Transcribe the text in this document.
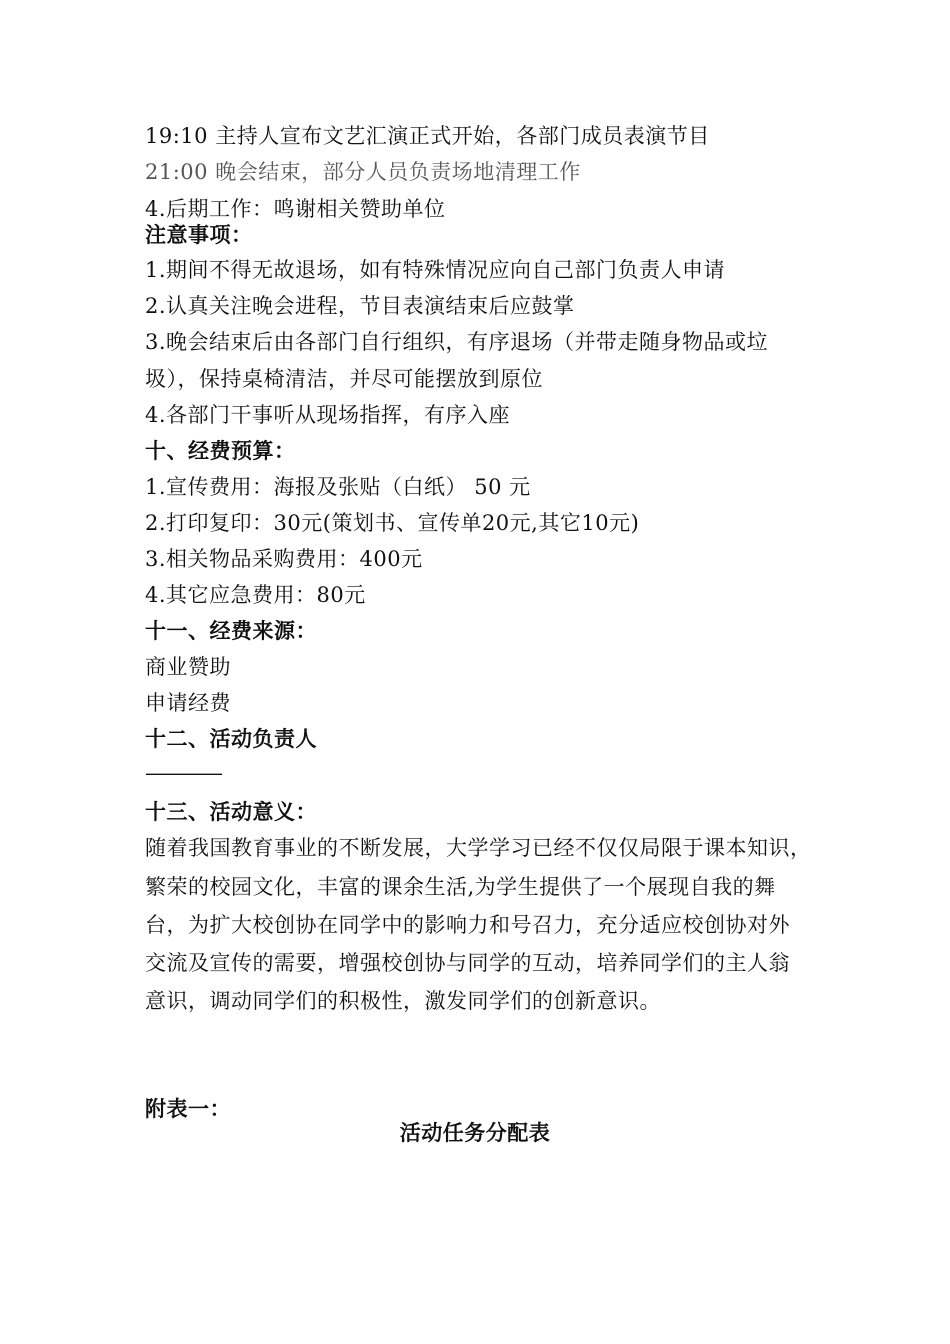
19:10 主持人宣布文艺汇演正式开始，各部门成员表演节目
21:00 晚会结束，部分人员负责场地清理工作
4.后期工作：鸣谢相关赞助单位
注意事项：
1.期间不得无故退场，如有特殊情况应向自己部门负责人申请
2.认真关注晚会进程，节目表演结束后应鼓掌
3.晚会结束后由各部门自行组织，有序退场（并带走随身物品或垃
圾），保持桌椅清洁，并尽可能摆放到原位
4.各部门干事听从现场指挥，有序入座
十、经费预算：
1.宣传费用：海报及张贴（白纸） 50 元
2.打印复印：30元(策划书、宣传单20元,其它10元)
3.相关物品采购费用：400元
4.其它应急费用：80元
十一、经费来源：
商业赞助
申请经费
十二、活动负责人
————
十三、活动意义：
随着我国教育事业的不断发展，大学学习已经不仅仅局限于课本知识，
繁荣的校园文化，丰富的课余生活,为学生提供了一个展现自我的舞
台，为扩大校创协在同学中的影响力和号召力，充分适应校创协对外
交流及宣传的需要，增强校创协与同学的互动，培养同学们的主人翁
意识，调动同学们的积极性，激发同学们的创新意识。
附表一：
活动任务分配表
